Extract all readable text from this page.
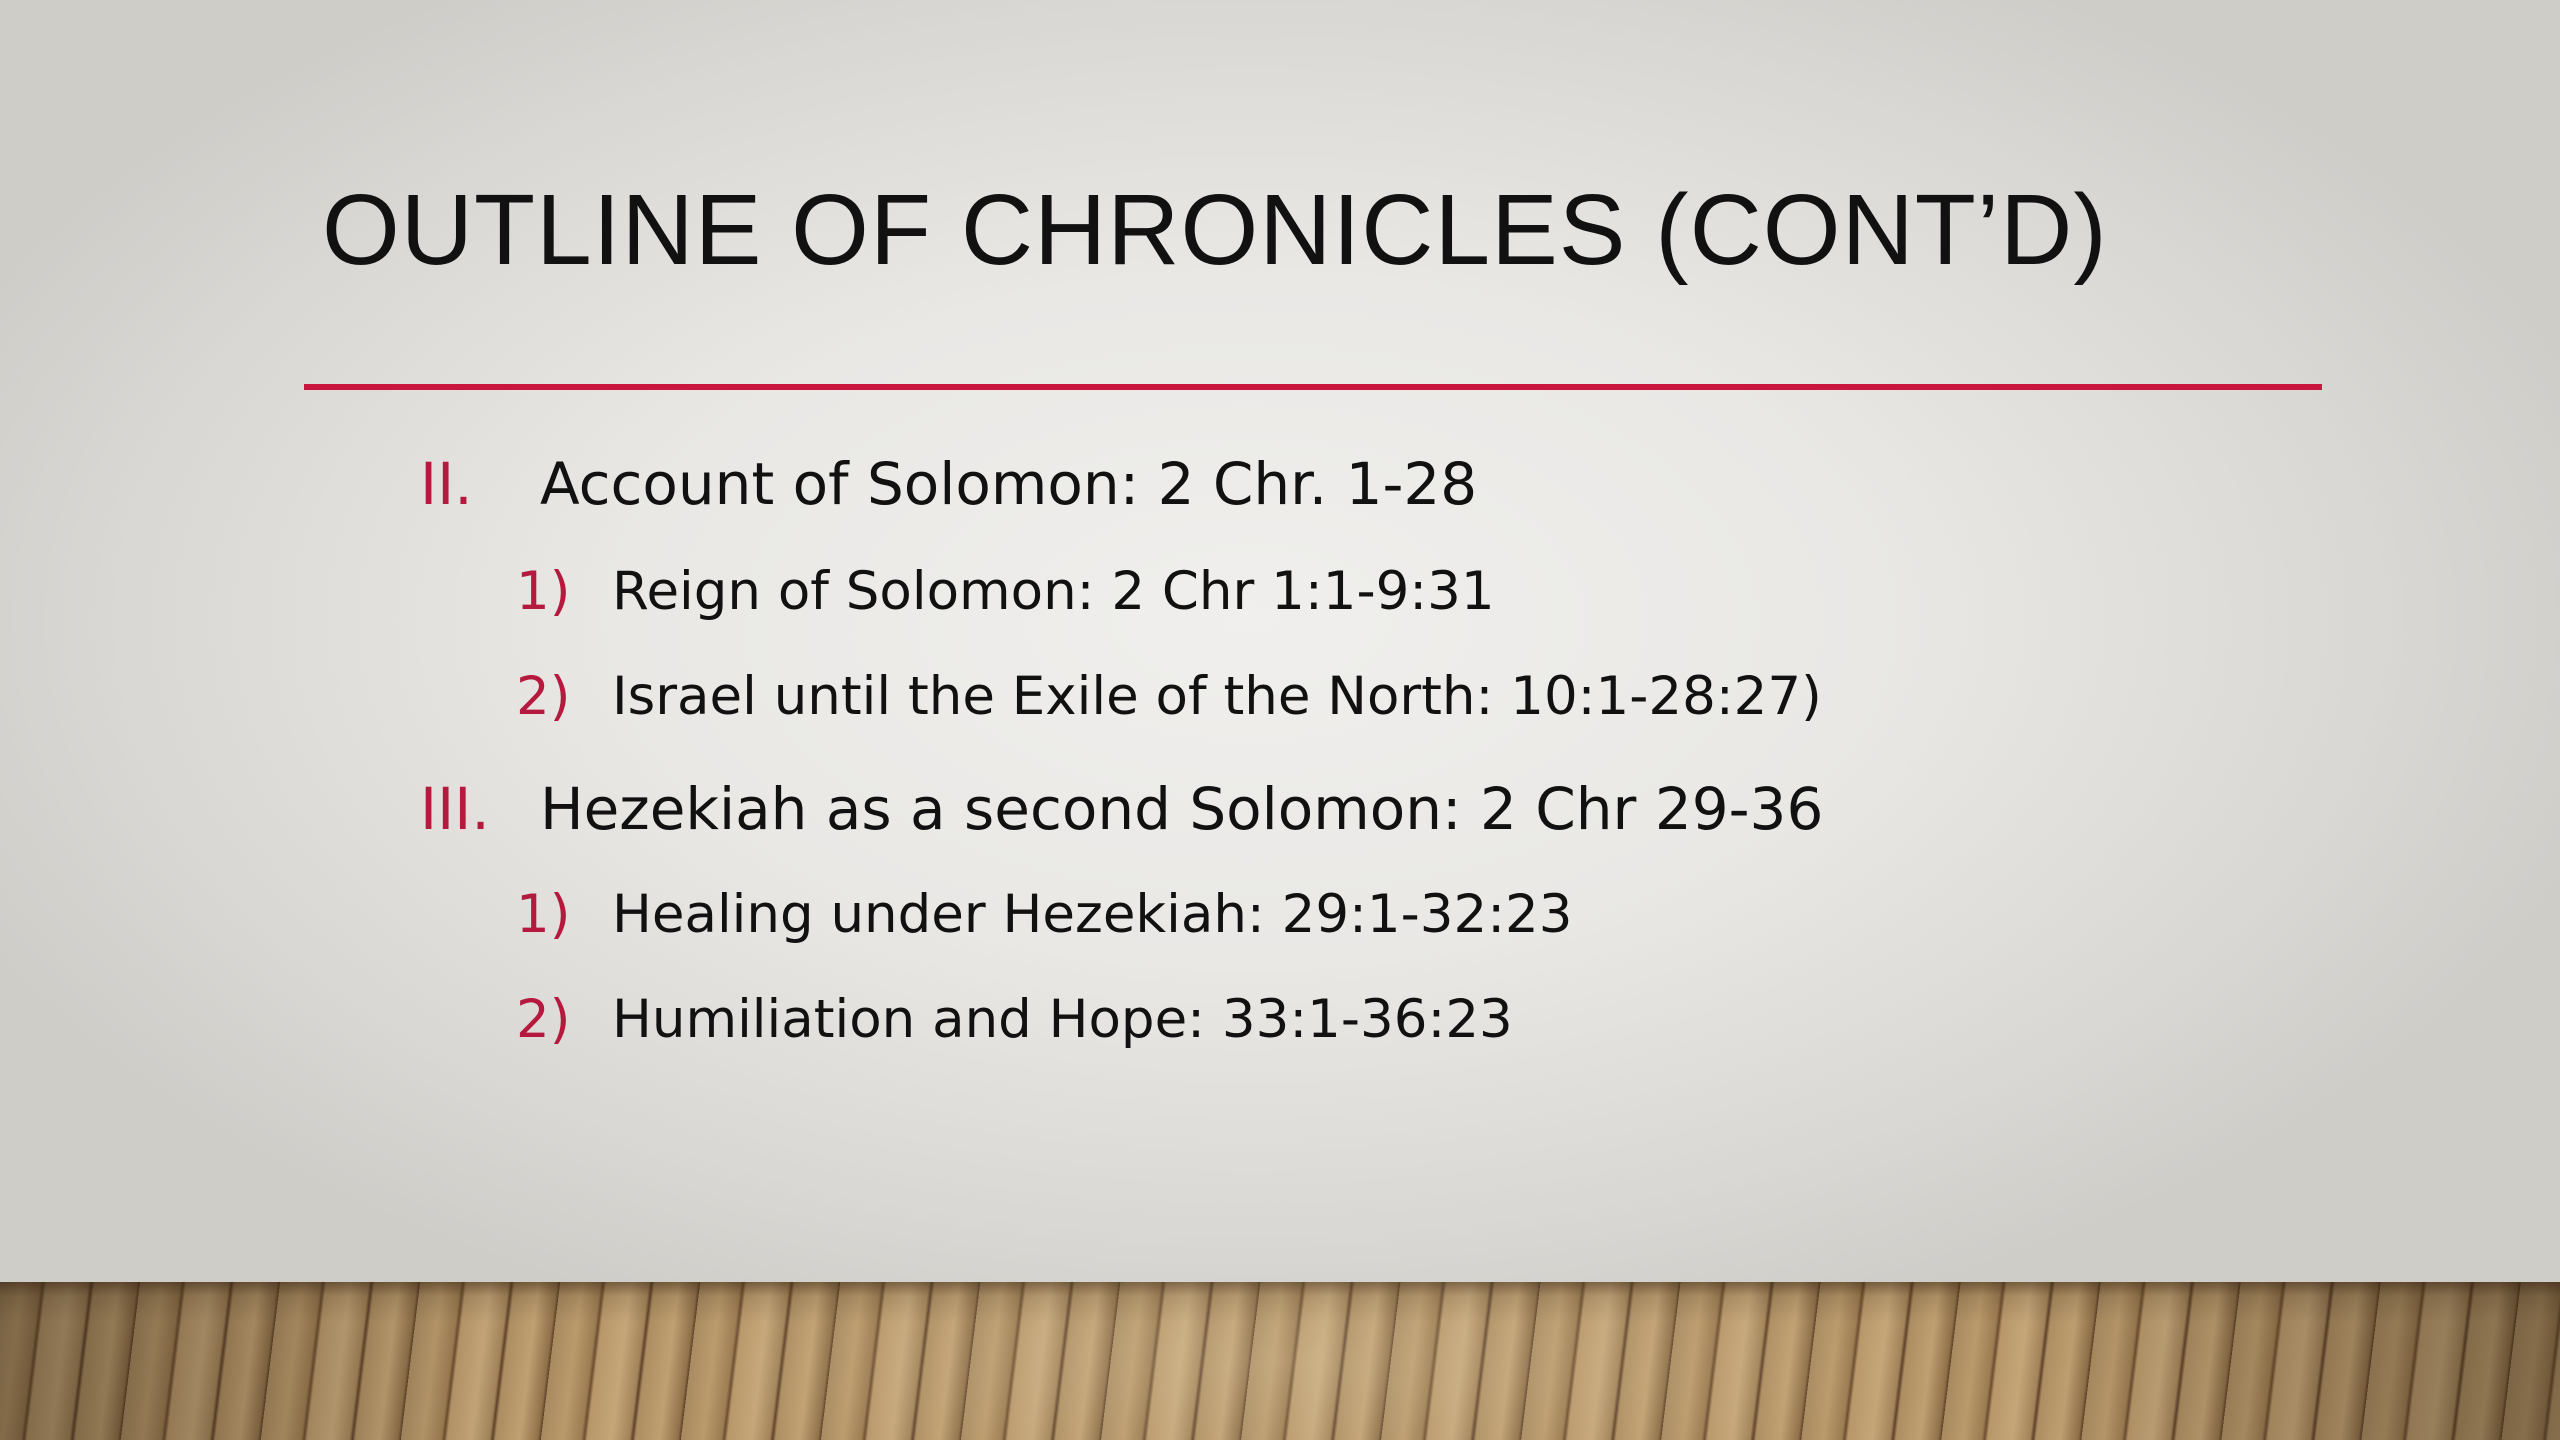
OUTLINE OF CHRONICLES (CONT’D)
II. Account of Solomon: 2 Chr. 1-28
1) Reign of Solomon: 2 Chr 1:1-9:31
2) Israel until the Exile of the North: 10:1-28:27)
III. Hezekiah as a second Solomon: 2 Chr 29-36
1) Healing under Hezekiah: 29:1-32:23
2) Humiliation and Hope: 33:1-36:23
